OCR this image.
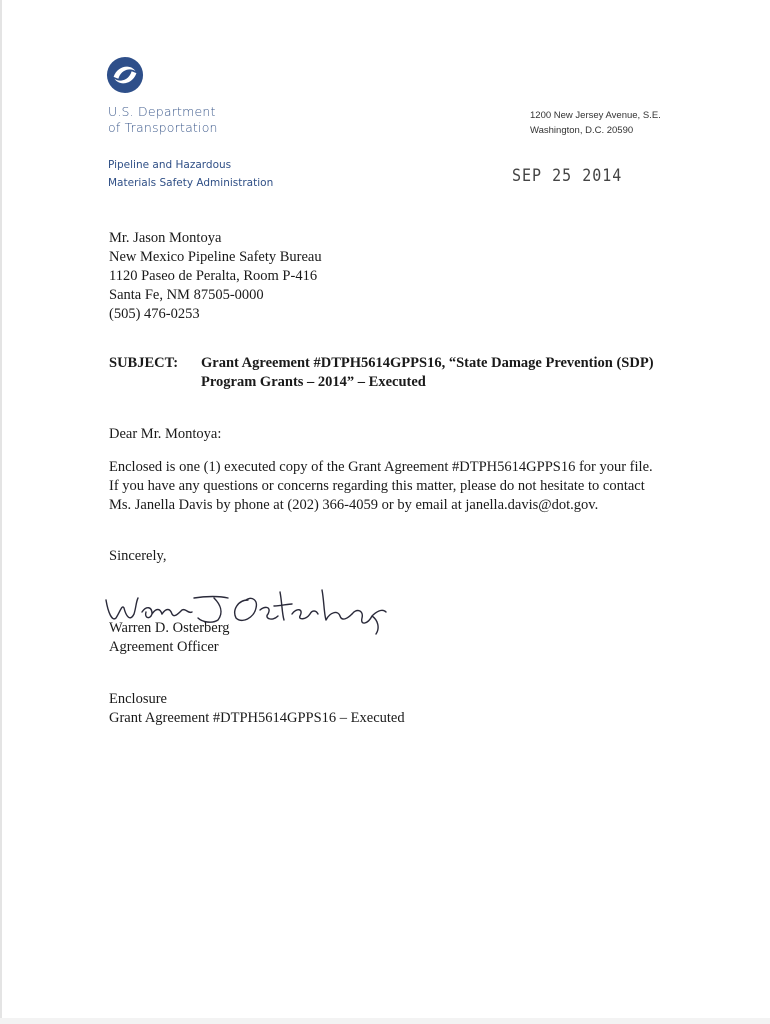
U.S. Department
of Transportation
Pipeline and Hazardous
Materials Safety Administration
1200 New Jersey Avenue, S.E.
Washington, D.C. 20590
SEP 25 2014
Mr. Jason Montoya
New Mexico Pipeline Safety Bureau
1120 Paseo de Peralta, Room P-416
Santa Fe, NM 87505-0000
(505) 476-0253
SUBJECT: Grant Agreement #DTPH5614GPPS16, “State Damage Prevention (SDP)
Program Grants – 2014” – Executed
Dear Mr. Montoya:
Enclosed is one (1) executed copy of the Grant Agreement #DTPH5614GPPS16 for your file.
If you have any questions or concerns regarding this matter, please do not hesitate to contact
Ms. Janella Davis by phone at (202) 366-4059 or by email at janella.davis@dot.gov.
Sincerely,
Warren D. Osterberg
Agreement Officer
Enclosure
Grant Agreement #DTPH5614GPPS16 – Executed
